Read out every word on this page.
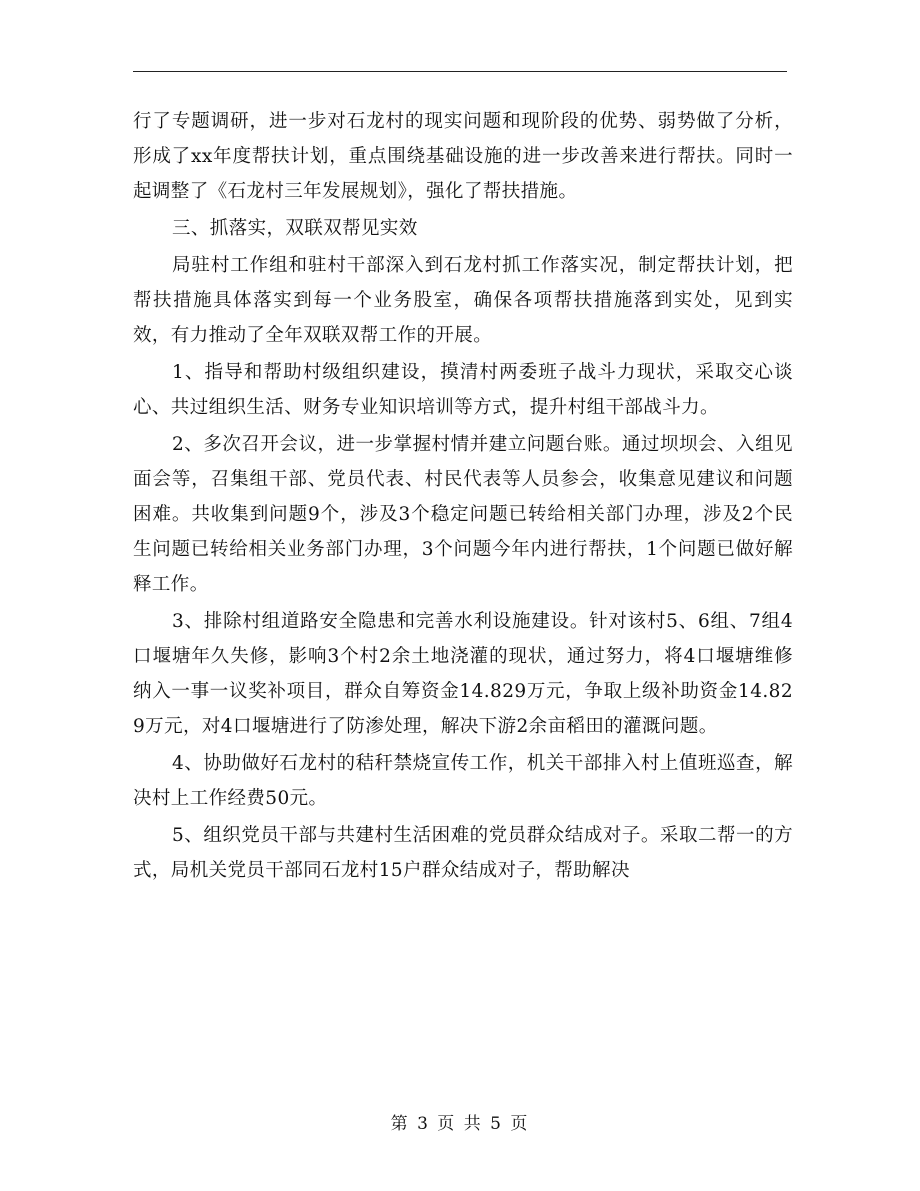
行了专题调研，进一步对石龙村的现实问题和现阶段的优势、弱势做了分析，形成了xx年度帮扶计划，重点围绕基础设施的进一步改善来进行帮扶。同时一起调整了《石龙村三年发展规划》，强化了帮扶措施。

三、抓落实，双联双帮见实效

局驻村工作组和驻村干部深入到石龙村抓工作落实况，制定帮扶计划，把帮扶措施具体落实到每一个业务股室，确保各项帮扶措施落到实处，见到实效，有力推动了全年双联双帮工作的开展。

1、指导和帮助村级组织建设，摸清村两委班子战斗力现状，采取交心谈心、共过组织生活、财务专业知识培训等方式，提升村组干部战斗力。

2、多次召开会议，进一步掌握村情并建立问题台账。通过坝坝会、入组见面会等，召集组干部、党员代表、村民代表等人员参会，收集意见建议和问题困难。共收集到问题9个，涉及3个稳定问题已转给相关部门办理，涉及2个民生问题已转给相关业务部门办理，3个问题今年内进行帮扶，1个问题已做好解释工作。

3、排除村组道路安全隐患和完善水利设施建设。针对该村5、6组、7组4口堰塘年久失修，影响3个村2余土地浇灌的现状，通过努力，将4口堰塘维修纳入一事一议奖补项目，群众自筹资金14.829万元，争取上级补助资金14.829万元，对4口堰塘进行了防渗处理，解决下游2余亩稻田的灌溉问题。

4、协助做好石龙村的秸秆禁烧宣传工作，机关干部排入村上值班巡查，解决村上工作经费50元。

5、组织党员干部与共建村生活困难的党员群众结成对子。采取二帮一的方式，局机关党员干部同石龙村15户群众结成对子，帮助解决

第 3 页 共 5 页
